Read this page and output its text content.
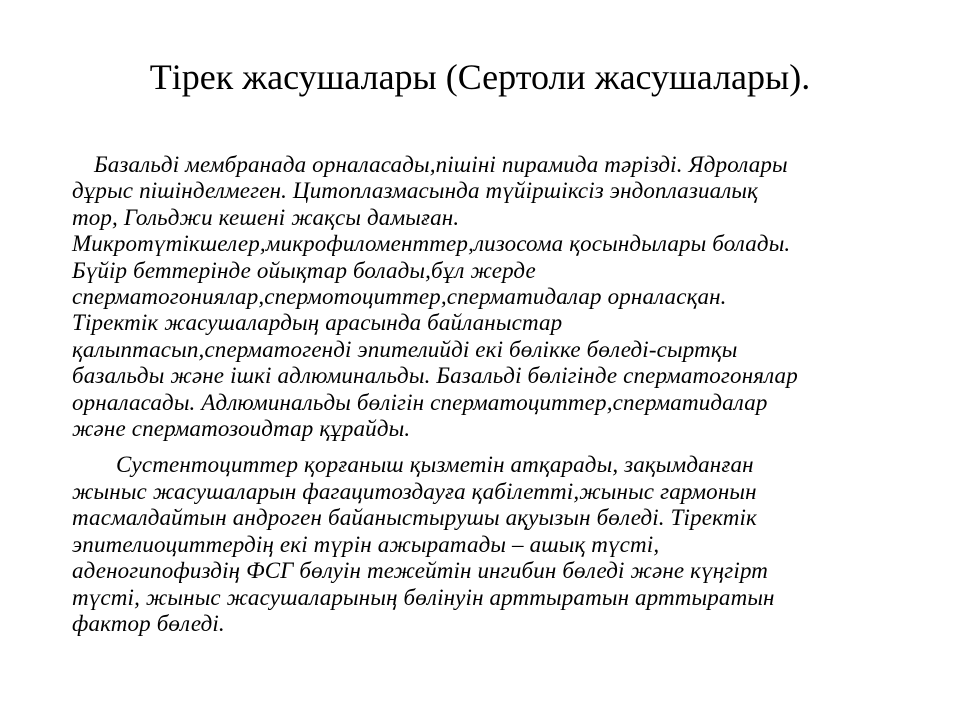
Тірек жасушалары (Сертоли жасушалары).

Базальді мембранада орналасады,пішіні пирамида тәрізді. Ядролары
дұрыс пішінделмеген. Цитоплазмасында түйіршіксіз эндоплазиалық
тор, Гольджи кешені жақсы дамыған.
Микротүтікшелер,микрофиломенттер,лизосома қосындылары болады.
Бүйір беттерінде ойықтар болады,бұл жерде
сперматогониялар,спермотоциттер,сперматидалар орналасқан.
Тіректік жасушалардың арасында байланыстар
қалыптасып,сперматогенді эпителийді екі бөлікке бөледі-сыртқы
базальды және ішкі адлюминальды. Базальді бөлігінде сперматогонялар
орналасады. Адлюминальды бөлігін сперматоциттер,сперматидалар
және сперматозоидтар құрайды.

Сустентоциттер қорғаныш қызметін атқарады, зақымданған
жыныс жасушаларын фагацитоздауға қабілетті,жыныс гармонын
тасмалдайтын андроген байаныстырушы ақуызын бөледі. Тіректік
эпителиоциттердің екі түрін ажыратады – ашық түсті,
аденогипофиздің ФСГ бөлуін тежейтін ингибин бөледі және күңгірт
түсті, жыныс жасушаларының бөлінуін арттыратын арттыратын
фактор бөледі.
